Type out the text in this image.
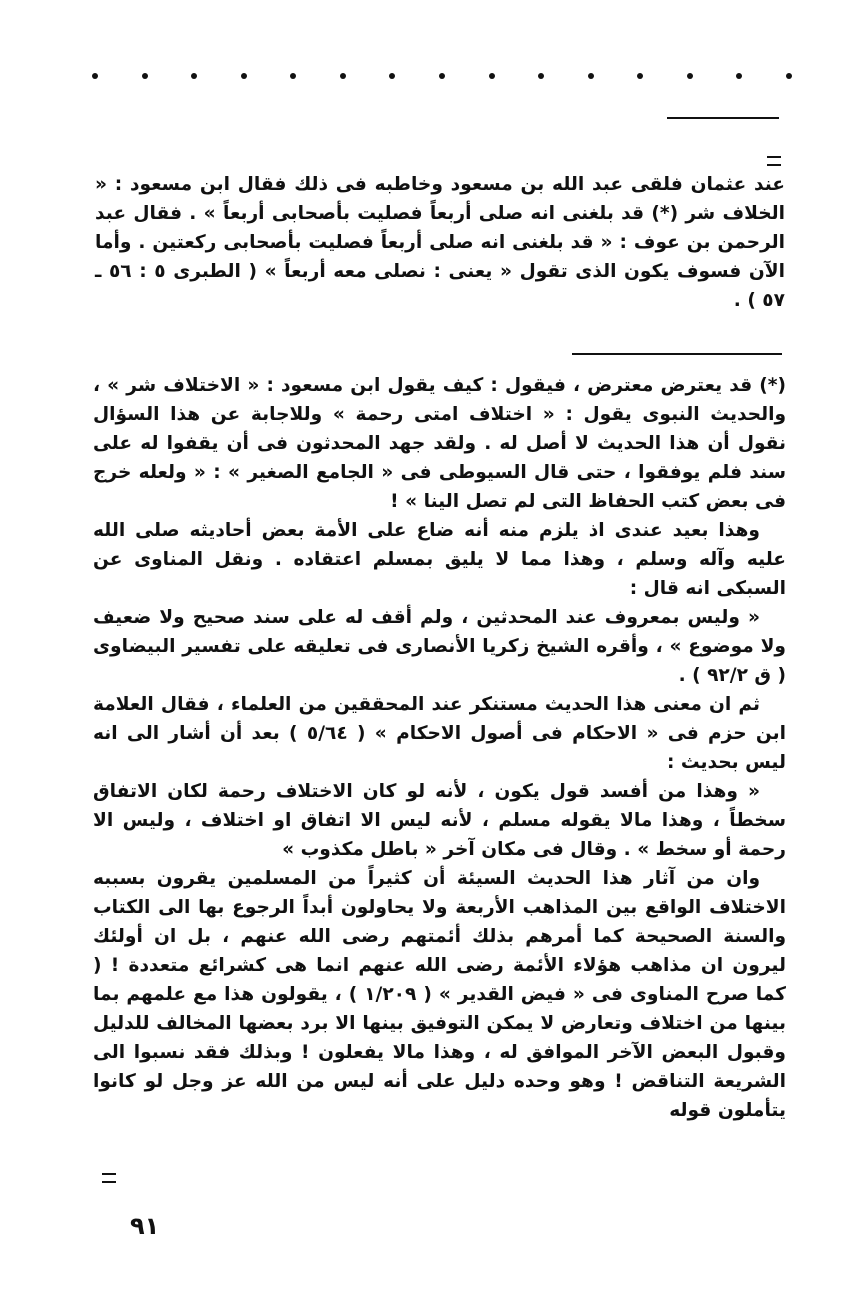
عند عثمان فلقى عبد الله بن مسعود وخاطبه فى ذلك فقال ابن مسعود : « الخلاف شر (*) قد بلغنى انه صلى أربعاً فصليت بأصحابى أربعاً » . فقال عبد الرحمن بن عوف : « قد بلغنى انه صلى أربعاً فصليت بأصحابى ركعتين . وأما الآن فسوف يكون الذى تقول « يعنى : نصلى معه أربعاً » ( الطبرى ٥ : ٥٦ ـ ٥٧ ) .

(*) قد يعترض معترض ، فيقول : كيف يقول ابن مسعود : « الاختلاف شر » ، والحديث النبوى يقول : « اختلاف امتى رحمة » وللاجابة عن هذا السؤال نقول أن هذا الحديث لا أصل له . ولقد جهد المحدثون فى أن يقفوا له على سند فلم يوفقوا ، حتى قال السيوطى فى « الجامع الصغير » : « ولعله خرج فى بعض كتب الحفاظ التى لم تصل الينا » !

وهذا بعيد عندى اذ يلزم منه أنه ضاع على الأمة بعض أحاديثه صلى الله عليه وآله وسلم ، وهذا مما لا يليق بمسلم اعتقاده . ونقل المناوى عن السبكى انه قال :

« وليس بمعروف عند المحدثين ، ولم أقف له على سند صحيح ولا ضعيف ولا موضوع » ، وأقره الشيخ زكريا الأنصارى فى تعليقه على تفسير البيضاوى ( ق ٩٢/٢ ) .

ثم ان معنى هذا الحديث مستنكر عند المحققين من العلماء ، فقال العلامة ابن حزم فى « الاحكام فى أصول الاحكام » ( ٥/٦٤ ) بعد أن أشار الى انه ليس بحديث :

« وهذا من أفسد قول يكون ، لأنه لو كان الاختلاف رحمة لكان الاتفاق سخطاً ، وهذا مالا يقوله مسلم ، لأنه ليس الا اتفاق او اختلاف ، وليس الا رحمة أو سخط » . وقال فى مكان آخر « باطل مكذوب »

وان من آثار هذا الحديث السيئة أن كثيراً من المسلمين يقرون بسببه الاختلاف الواقع بين المذاهب الأربعة ولا يحاولون أبداً الرجوع بها الى الكتاب والسنة الصحيحة كما أمرهم بذلك أئمتهم رضى الله عنهم ، بل ان أولئك ليرون ان مذاهب هؤلاء الأئمة رضى الله عنهم انما هى كشرائع متعددة ! ( كما صرح المناوى فى « فيض القدير » ( ١/٢٠٩ ) ، يقولون هذا مع علمهم بما بينها من اختلاف وتعارض لا يمكن التوفيق بينها الا برد بعضها المخالف للدليل وقبول البعض الآخر الموافق له ، وهذا مالا يفعلون ! وبذلك فقد نسبوا الى الشريعة التناقض ! وهو وحده دليل على أنه ليس من الله عز وجل لو كانوا يتأملون قوله

٩١
